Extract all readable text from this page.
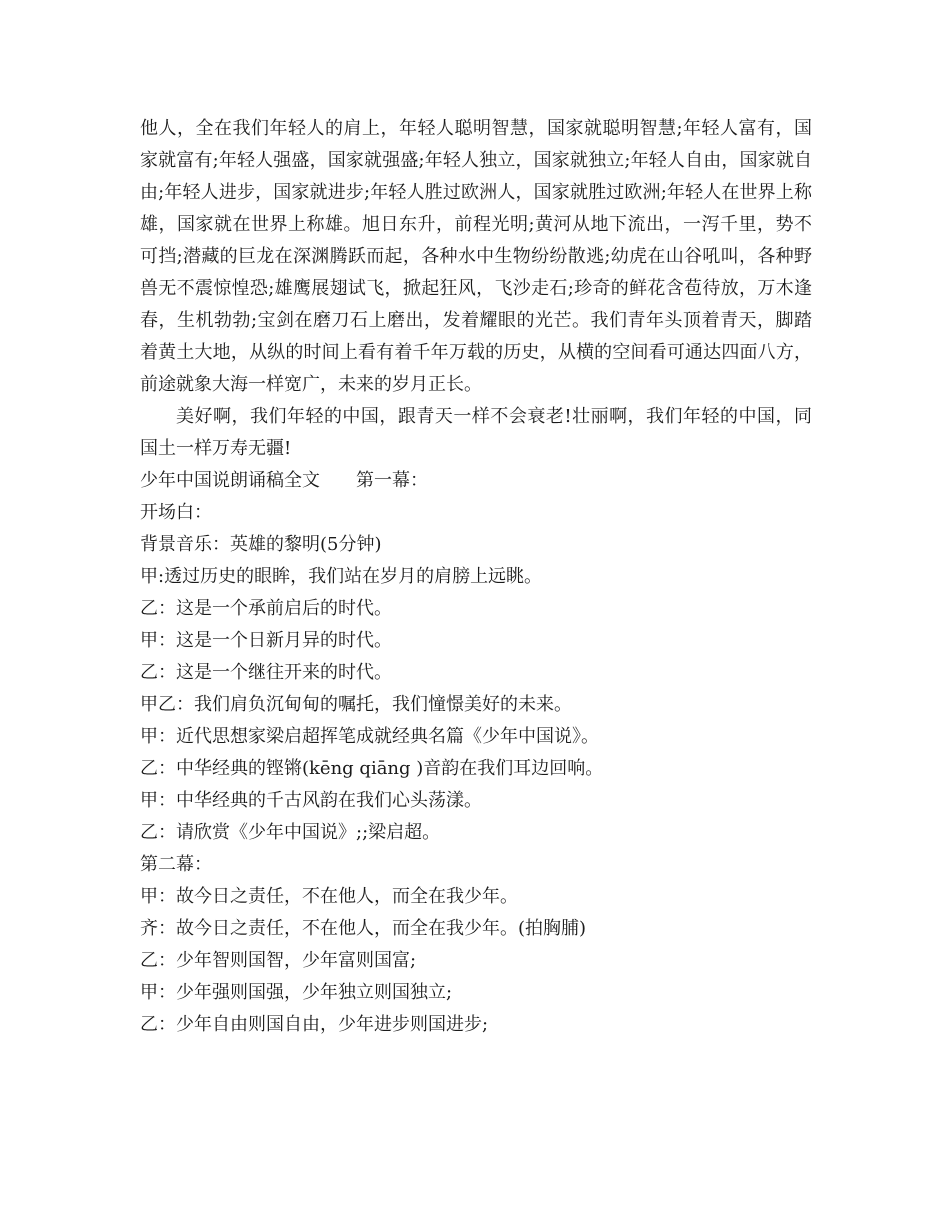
他人，全在我们年轻人的肩上，年轻人聪明智慧，国家就聪明智慧;年轻人富有，国家就富有;年轻人强盛，国家就强盛;年轻人独立，国家就独立;年轻人自由，国家就自由;年轻人进步，国家就进步;年轻人胜过欧洲人，国家就胜过欧洲;年轻人在世界上称雄，国家就在世界上称雄。旭日东升，前程光明;黄河从地下流出，一泻千里，势不可挡;潜藏的巨龙在深渊腾跃而起，各种水中生物纷纷散逃;幼虎在山谷吼叫，各种野兽无不震惊惶恐;雄鹰展翅试飞，掀起狂风，飞沙走石;珍奇的鲜花含苞待放，万木逢春，生机勃勃;宝剑在磨刀石上磨出，发着耀眼的光芒。我们青年头顶着青天，脚踏着黄土大地，从纵的时间上看有着千年万载的历史，从横的空间看可通达四面八方，前途就象大海一样宽广，未来的岁月正长。

美好啊，我们年轻的中国，跟青天一样不会衰老!壮丽啊，我们年轻的中国，同国土一样万寿无疆!

少年中国说朗诵稿全文 第一幕：

开场白：

背景音乐：英雄的黎明(5分钟)

甲:透过历史的眼眸，我们站在岁月的肩膀上远眺。

乙：这是一个承前启后的时代。

甲：这是一个日新月异的时代。

乙：这是一个继往开来的时代。

甲乙：我们肩负沉甸甸的嘱托，我们憧憬美好的未来。

甲：近代思想家梁启超挥笔成就经典名篇《少年中国说》。

乙：中华经典的铿锵(kēng qiāng )音韵在我们耳边回响。

甲：中华经典的千古风韵在我们心头荡漾。

乙：请欣赏《少年中国说》;;梁启超。

第二幕：

甲：故今日之责任，不在他人，而全在我少年。

齐：故今日之责任，不在他人，而全在我少年。(拍胸脯)

乙：少年智则国智，少年富则国富;

甲：少年强则国强，少年独立则国独立;

乙：少年自由则国自由，少年进步则国进步;
